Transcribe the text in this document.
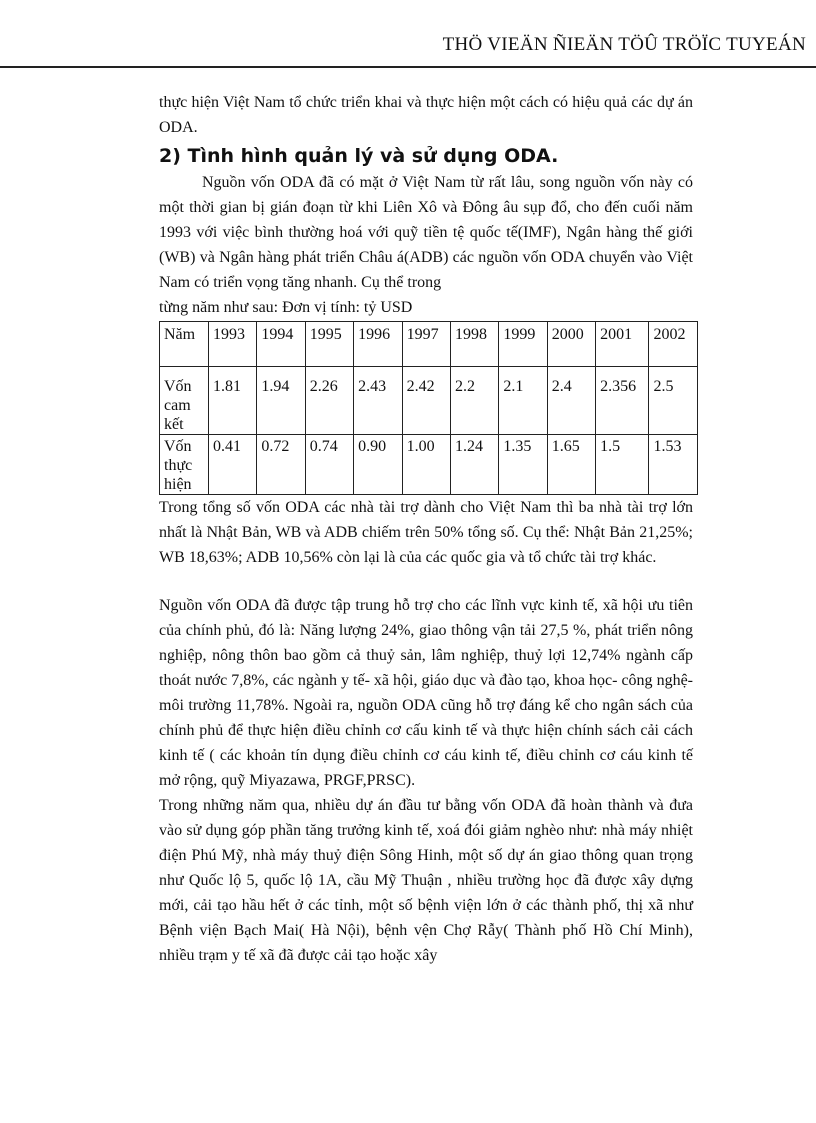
THÖ VIEÄN ÑIEÄN TÖÛ TRÖÏC TUYEÁN

thực hiện Việt Nam tổ chức triển khai và thực hiện một cách có hiệu quả các dự án ODA.

2) Tình hình quản lý và sử dụng ODA.

Nguồn vốn ODA đã có mặt ở Việt Nam từ rất lâu, song nguồn vốn này có một thời gian bị gián đoạn từ khi Liên Xô và Đông âu sụp đổ, cho đến cuối năm 1993 với việc bình thường hoá với quỹ tiền tệ quốc tế(IMF), Ngân hàng thế giới (WB) và Ngân hàng phát triển Châu á(ADB) các nguồn vốn ODA chuyển vào Việt Nam có triển vọng tăng nhanh. Cụ thể trong

từng năm như sau: Đơn vị tính: tỷ USD

Năm	1993	1994	1995	1996	1997	1998	1999	2000	2001	2002
Vốn cam kết	1.81	1.94	2.26	2.43	2.42	2.2	2.1	2.4	2.356	2.5
Vốn thực hiện	0.41	0.72	0.74	0.90	1.00	1.24	1.35	1.65	1.5	1.53

Trong tổng số vốn ODA các nhà tài trợ dành cho Việt Nam thì ba nhà tài trợ lớn nhất là Nhật Bản, WB và ADB chiếm trên 50% tổng số. Cụ thể: Nhật Bản 21,25%; WB 18,63%; ADB 10,56% còn lại là của các quốc gia và tổ chức tài trợ khác.

Nguồn vốn ODA đã được tập trung hỗ trợ cho các lĩnh vực kinh tế, xã hội ưu tiên của chính phủ, đó là: Năng lượng 24%, giao thông vận tải 27,5 %, phát triển nông nghiệp, nông thôn bao gồm cả thuỷ sản, lâm nghiệp, thuỷ lợi 12,74% ngành cấp thoát nước 7,8%, các ngành y tế- xã hội, giáo dục và đào tạo, khoa học- công nghệ- môi trường 11,78%. Ngoài ra, nguồn ODA cũng hỗ trợ đáng kể cho ngân sách của chính phủ để thực hiện điều chỉnh cơ cấu kinh tế và thực hiện chính sách cải cách kinh tế ( các khoản tín dụng điều chỉnh cơ cáu kinh tế, điều chỉnh cơ cáu kinh tế mở rộng, quỹ Miyazawa, PRGF,PRSC).

Trong những năm qua, nhiều dự án đầu tư bằng vốn ODA đã hoàn thành và đưa vào sử dụng góp phần tăng trưởng kinh tế, xoá đói giảm nghèo như: nhà máy nhiệt điện Phú Mỹ, nhà máy thuỷ điện Sông Hinh, một số dự án giao thông quan trọng như Quốc lộ 5, quốc lộ 1A, cầu Mỹ Thuận , nhiều trường học đã được xây dựng mới, cải tạo hầu hết ở các tỉnh, một số bệnh viện lớn ở các thành phố, thị xã như Bệnh viện Bạch Mai( Hà Nội), bệnh vện Chợ Rẫy( Thành phố Hồ Chí Minh), nhiều trạm y tế xã đã được cải tạo hoặc xây
